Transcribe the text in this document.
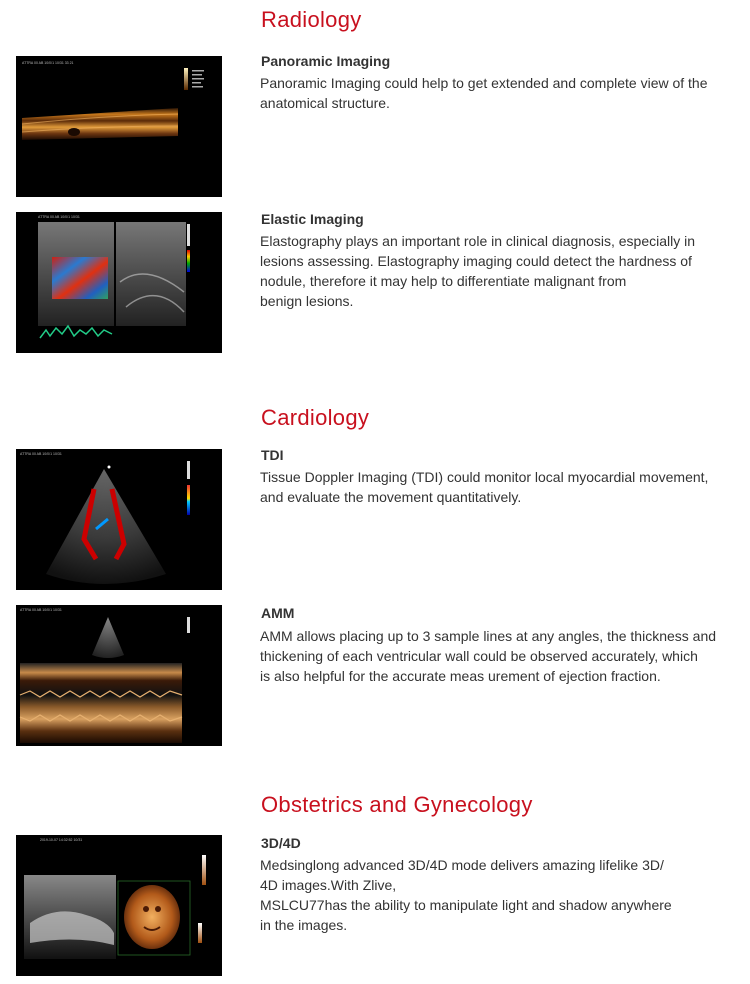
Radiology
ATTRA 00 AB 10/0/1 10/31 33 21	Panoramic Imaging

Panoramic Imaging could help to get extended and complete view of the
anatomical structure.

ATTRA 00 AB 10/0/1 10/31	Elastic Imaging

Elastography plays an important role in clinical diagnosis, especially in
lesions assessing. Elastography imaging could detect the hardness of
nodule, therefore it may help to differentiate malignant from
benign lesions.

Cardiology
ATTRA 00 AB 10/0/1 10/31	TDI

Tissue Doppler Imaging (TDI) could monitor local myocardial movement,
and evaluate the movement quantitatively.

ATTRA 00 AB 10/0/1 10/31	AMM

AMM allows placing up to 3 sample lines at any angles, the thickness and
thickening of each ventricular wall could be observed accurately, which
is also helpful for the accurate meas urement of ejection fraction.

Obstetrics and Gynecology
2019-10-07 14:32:52 10/31	3D/4D

Medsinglong advanced 3D/4D mode delivers amazing lifelike 3D/
4D images.With Zlive,
MSLCU77has the ability to manipulate light and shadow anywhere
in the images.
